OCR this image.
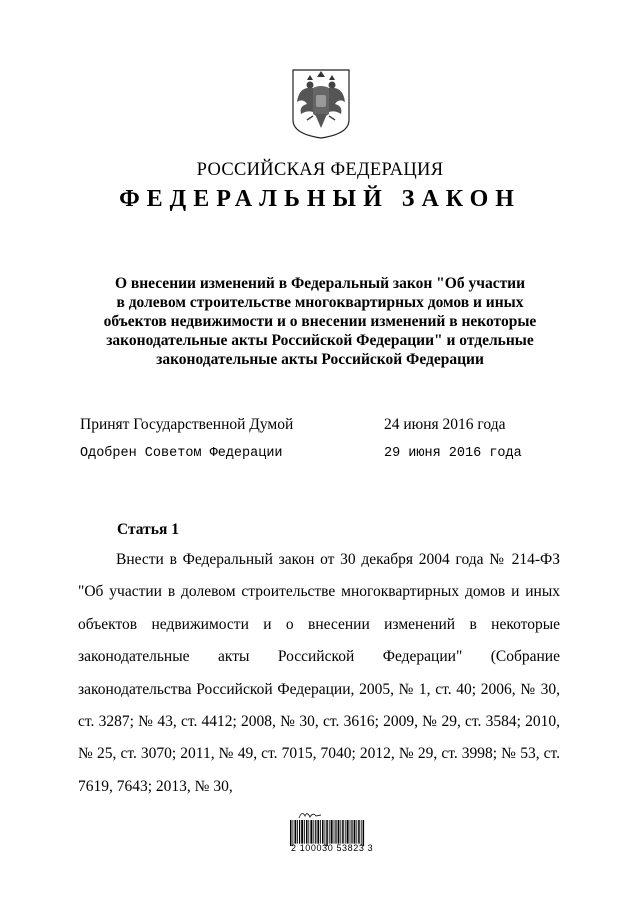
РОССИЙСКАЯ ФЕДЕРАЦИЯ
ФЕДЕРАЛЬНЫЙ ЗАКОН
О внесении изменений в Федеральный закон "Об участии
в долевом строительстве многоквартирных домов и иных
объектов недвижимости и о внесении изменений в некоторые
законодательные акты Российской Федерации" и отдельные
законодательные акты Российской Федерации
Принят Государственной Думой	24 июня 2016 года
Одобрен Советом Федерации	29 июня 2016 года
Статья 1

Внести в Федеральный закон от 30 декабря 2004 года № 214-ФЗ "Об участии в долевом строительстве многоквартирных домов и иных объектов недвижимости и о внесении изменений в некоторые законодательные акты Российской Федерации" (Собрание законодательства Российской Федерации, 2005, № 1, ст. 40; 2006, № 30, ст. 3287; № 43, ст. 4412; 2008, № 30, ст. 3616; 2009, № 29, ст. 3584; 2010, № 25, ст. 3070; 2011, № 49, ст. 7015, 7040; 2012, № 29, ст. 3998; № 53, ст. 7619, 7643; 2013, № 30,

2 100030 53823 3
